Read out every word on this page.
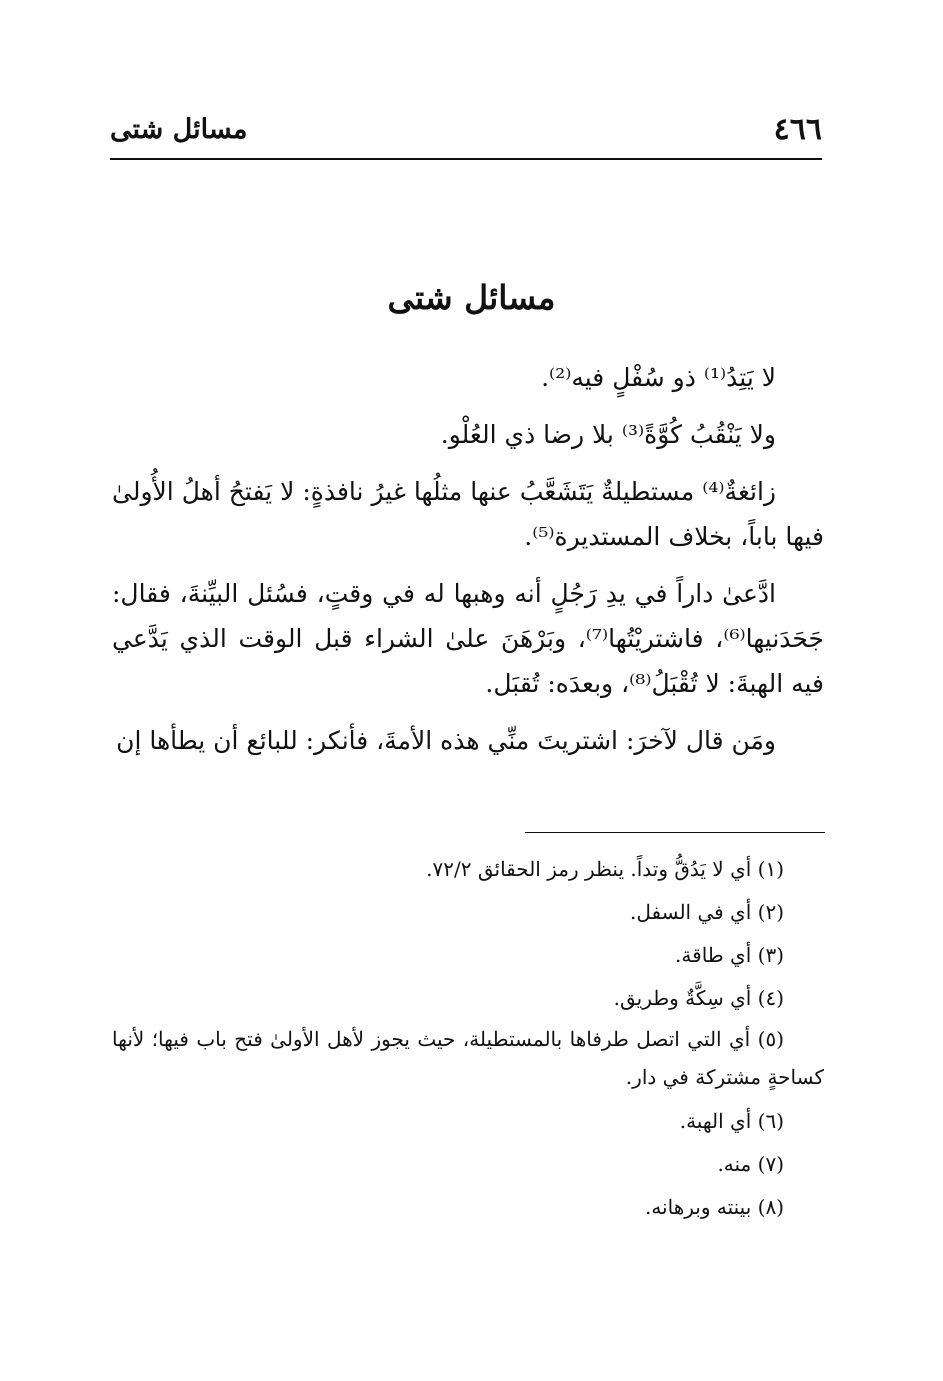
٤٦٦
مسائل شتى
مسائل شتى

لا يَتِدُ⁽¹⁾ ذو سُفْلٍ فيه⁽²⁾.

ولا يَنْقُبُ كُوَّةً⁽³⁾ بلا رضا ذي العُلْو.

زائغةٌ⁽⁴⁾ مستطيلةٌ يَتَشَعَّبُ عنها مثلُها غيرُ نافذةٍ: لا يَفتحُ أهلُ الأُولىٰ فيها باباً، بخلاف المستديرة⁽⁵⁾.

ادَّعىٰ داراً في يدِ رَجُلٍ أنه وهبها له في وقتٍ، فسُئل البيِّنةَ، فقال: جَحَدَنيها⁽⁶⁾، فاشتريْتُها⁽⁷⁾، وبَرْهَنَ علىٰ الشراء قبل الوقت الذي يَدَّعي فيه الهبةَ: لا تُقْبَلُ⁽⁸⁾، وبعدَه: تُقبَل.

ومَن قال لآخرَ: اشتريتَ منِّي هذه الأمةَ، فأنكر: للبائع أن يطأها إن

(١) أي لا يَدُقُّ وتداً. ينظر رمز الحقائق ٧٢/٢.

(٢) أي في السفل.

(٣) أي طاقة.

(٤) أي سِكَّةٌ وطريق.

(٥) أي التي اتصل طرفاها بالمستطيلة، حيث يجوز لأهل الأولىٰ فتح باب فيها؛ لأنها كساحةٍ مشتركة في دار.

(٦) أي الهبة.

(٧) منه.

(٨) بينته وبرهانه.
